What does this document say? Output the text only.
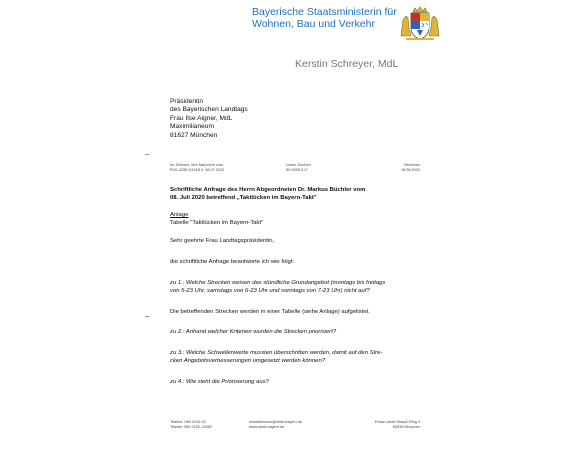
Bayerische Staatsministerin für
Wohnen, Bau und Verkehr
Kerstin Schreyer, MdL
Präsidentin
des Bayerischen Landtags
Frau Ilse Aigner, MdL
Maximilianeum
81627 München
–
–
Ihr Zeichen, Ihre Nachricht vom
PI/G-4255.3/1518 II, 08.07.2020
Unser Zeichen
83-0005.3-2/
München
18.08.2020
Schriftliche Anfrage des Herrn Abgeordneten Dr. Markus Büchler vom
08. Juli 2020 betreffend „Taktlücken im Bayern-Takt"
Anlage
Tabelle "Taktlücken im Bayern-Takt"
Sehr geehrte Frau Landtagspräsidentin,
die schriftliche Anfrage beantworte ich wie folgt:
zu 1.: Welche Strecken weisen das stündliche Grundangebot (montags bis freitags
von 5-23 Uhr, samstags von 6-23 Uhr und sonntags von 7-23 Uhr) nicht auf?
Die betreffenden Strecken werden in einer Tabelle (siehe Anlage) aufgelistet.
zu 2.: Anhand welcher Kriterien wurden die Strecken priorisiert?
zu 3.: Welche Schwellenwerte mussten überschritten werden, damit auf den Stre-
cken Angebotsverbesserungen umgesetzt werden können?
zu 4.: Wie sieht die Priorisierung aus?
Telefon: 089 2192-02
Telefax: 089 2192-13350
ministerbuero@stmb.bayern.de
www.stmb.bayern.de
Franz-Josef-Strauß-Ring 4
80539 München
